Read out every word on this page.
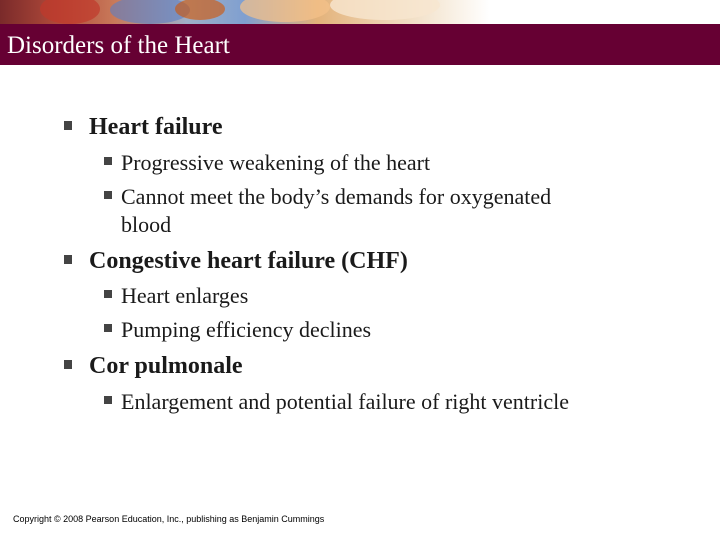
Disorders of the Heart
Heart failure
Progressive weakening of the heart
Cannot meet the body’s demands for oxygenated
blood
Congestive heart failure (CHF)
Heart enlarges
Pumping efficiency declines
Cor pulmonale
Enlargement and potential failure of right ventricle
Copyright © 2008 Pearson Education, Inc., publishing as Benjamin Cummings
